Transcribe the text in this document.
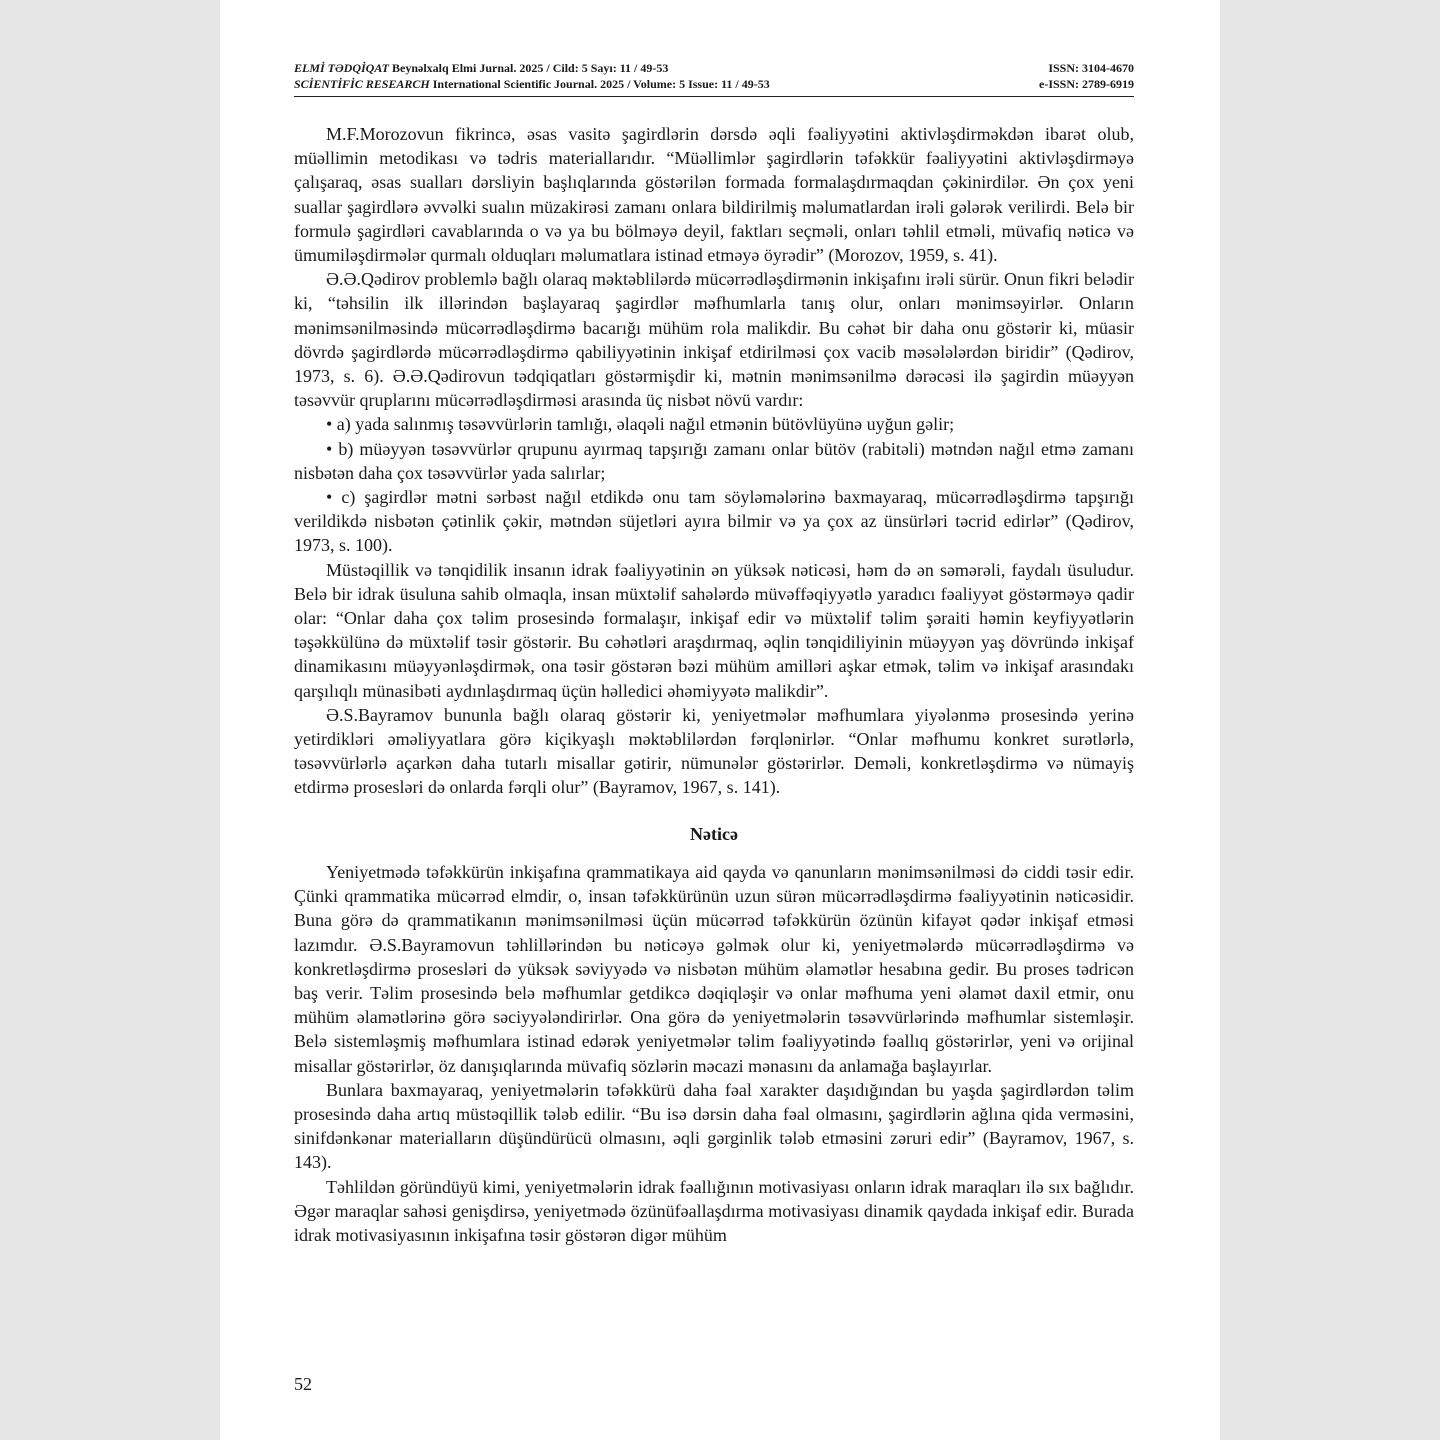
ELMİ TƏDQİQAT Beynəlxalq Elmi Jurnal. 2025 / Cild: 5 Sayı: 11 / 49-53	ISSN: 3104-4670
SCİENTİFİC RESEARCH International Scientific Journal. 2025 / Volume: 5 Issue: 11 / 49-53	e-ISSN: 2789-6919

M.F.Morozovun fikrincə, əsas vasitə şagirdlərin dərsdə əqli fəaliyyətini aktivləşdirməkdən ibarət olub, müəllimin metodikası və tədris materiallarıdır. “Müəllimlər şagirdlərin təfəkkür fəaliyyətini aktivləşdirməyə çalışaraq, əsas sualları dərsliyin başlıqlarında göstərilən formada formalaşdırmaqdan çəkinirdilər. Ən çox yeni suallar şagirdlərə əvvəlki sualın müzakirəsi zamanı onlara bildirilmiş məlumatlardan irəli gələrək verilirdi. Belə bir formulə şagirdləri cavablarında o və ya bu bölməyə deyil, faktları seçməli, onları təhlil etməli, müvafiq nəticə və ümumiləşdirmələr qurmalı olduqları məlumatlara istinad etməyə öyrədir” (Morozov, 1959, s. 41).

Ə.Ə.Qədirov problemlə bağlı olaraq məktəblilərdə mücərrədləşdirmənin inkişafını irəli sürür. Onun fikri belədir ki, “təhsilin ilk illərindən başlayaraq şagirdlər məfhumlarla tanış olur, onları mənimsəyirlər. Onların mənimsənilməsində mücərrədləşdirmə bacarığı mühüm rola malikdir. Bu cəhət bir daha onu göstərir ki, müasir dövrdə şagirdlərdə mücərrədləşdirmə qabiliyyətinin inkişaf etdirilməsi çox vacib məsələlərdən biridir” (Qədirov, 1973, s. 6). Ə.Ə.Qədirovun tədqiqatları göstərmişdir ki, mətnin mənimsənilmə dərəcəsi ilə şagirdin müəyyən təsəvvür qruplarını mücərrədləşdirməsi arasında üç nisbət növü vardır:

• a) yada salınmış təsəvvürlərin tamlığı, əlaqəli nağıl etmənin bütövlüyünə uyğun gəlir;

• b) müəyyən təsəvvürlər qrupunu ayırmaq tapşırığı zamanı onlar bütöv (rabitəli) mətndən nağıl etmə zamanı nisbətən daha çox təsəvvürlər yada salırlar;

• c) şagirdlər mətni sərbəst nağıl etdikdə onu tam söyləmələrinə baxmayaraq, mücərrədləşdirmə tapşırığı verildikdə nisbətən çətinlik çəkir, mətndən süjetləri ayıra bilmir və ya çox az ünsürləri təcrid edirlər” (Qədirov, 1973, s. 100).

Müstəqillik və tənqidilik insanın idrak fəaliyyətinin ən yüksək nəticəsi, həm də ən səmərəli, faydalı üsuludur. Belə bir idrak üsuluna sahib olmaqla, insan müxtəlif sahələrdə müvəffəqiyyətlə yaradıcı fəaliyyət göstərməyə qadir olar: “Onlar daha çox təlim prosesində formalaşır, inkişaf edir və müxtəlif təlim şəraiti həmin keyfiyyətlərin təşəkkülünə də müxtəlif təsir göstərir. Bu cəhətləri araşdırmaq, əqlin tənqidiliyinin müəyyən yaş dövründə inkişaf dinamikasını müəyyənləşdirmək, ona təsir göstərən bəzi mühüm amilləri aşkar etmək, təlim və inkişaf arasındakı qarşılıqlı münasibəti aydınlaşdırmaq üçün həlledici əhəmiyyətə malikdir”.

Ə.S.Bayramov bununla bağlı olaraq göstərir ki, yeniyetmələr məfhumlara yiyələnmə prosesində yerinə yetirdikləri əməliyyatlara görə kiçikyaşlı məktəblilərdən fərqlənirlər. “Onlar məfhumu konkret surətlərlə, təsəvvürlərlə açarkən daha tutarlı misallar gətirir, nümunələr göstərirlər. Deməli, konkretləşdirmə və nümayiş etdirmə prosesləri də onlarda fərqli olur” (Bayramov, 1967, s. 141).

Nəticə

Yeniyetmədə təfəkkürün inkişafına qrammatikaya aid qayda və qanunların mənimsənilməsi də ciddi təsir edir. Çünki qrammatika mücərrəd elmdir, o, insan təfəkkürünün uzun sürən mücərrədləşdirmə fəaliyyətinin nəticəsidir. Buna görə də qrammatikanın mənimsənilməsi üçün mücərrəd təfəkkürün özünün kifayət qədər inkişaf etməsi lazımdır. Ə.S.Bayramovun təhlillərindən bu nəticəyə gəlmək olur ki, yeniyetmələrdə mücərrədləşdirmə və konkretləşdirmə prosesləri də yüksək səviyyədə və nisbətən mühüm əlamətlər hesabına gedir. Bu proses tədricən baş verir. Təlim prosesində belə məfhumlar getdikcə dəqiqləşir və onlar məfhuma yeni əlamət daxil etmir, onu mühüm əlamətlərinə görə səciyyələndirirlər. Ona görə də yeniyetmələrin təsəvvürlərində məfhumlar sistemləşir. Belə sistemləşmiş məfhumlara istinad edərək yeniyetmələr təlim fəaliyyətində fəallıq göstərirlər, yeni və orijinal misallar göstərirlər, öz danışıqlarında müvafiq sözlərin məcazi mənasını da anlamağa başlayırlar.

Bunlara baxmayaraq, yeniyetmələrin təfəkkürü daha fəal xarakter daşıdığından bu yaşda şagirdlərdən təlim prosesində daha artıq müstəqillik tələb edilir. “Bu isə dərsin daha fəal olmasını, şagirdlərin ağlına qida verməsini, sinifdənkənar materialların düşündürücü olmasını, əqli gərginlik tələb etməsini zəruri edir” (Bayramov, 1967, s. 143).

Təhlildən göründüyü kimi, yeniyetmələrin idrak fəallığının motivasiyası onların idrak maraqları ilə sıx bağlıdır. Əgər maraqlar sahəsi genişdirsə, yeniyetmədə özünüfəallaşdırma motivasiyası dinamik qaydada inkişaf edir. Burada idrak motivasiyasının inkişafına təsir göstərən digər mühüm

52
